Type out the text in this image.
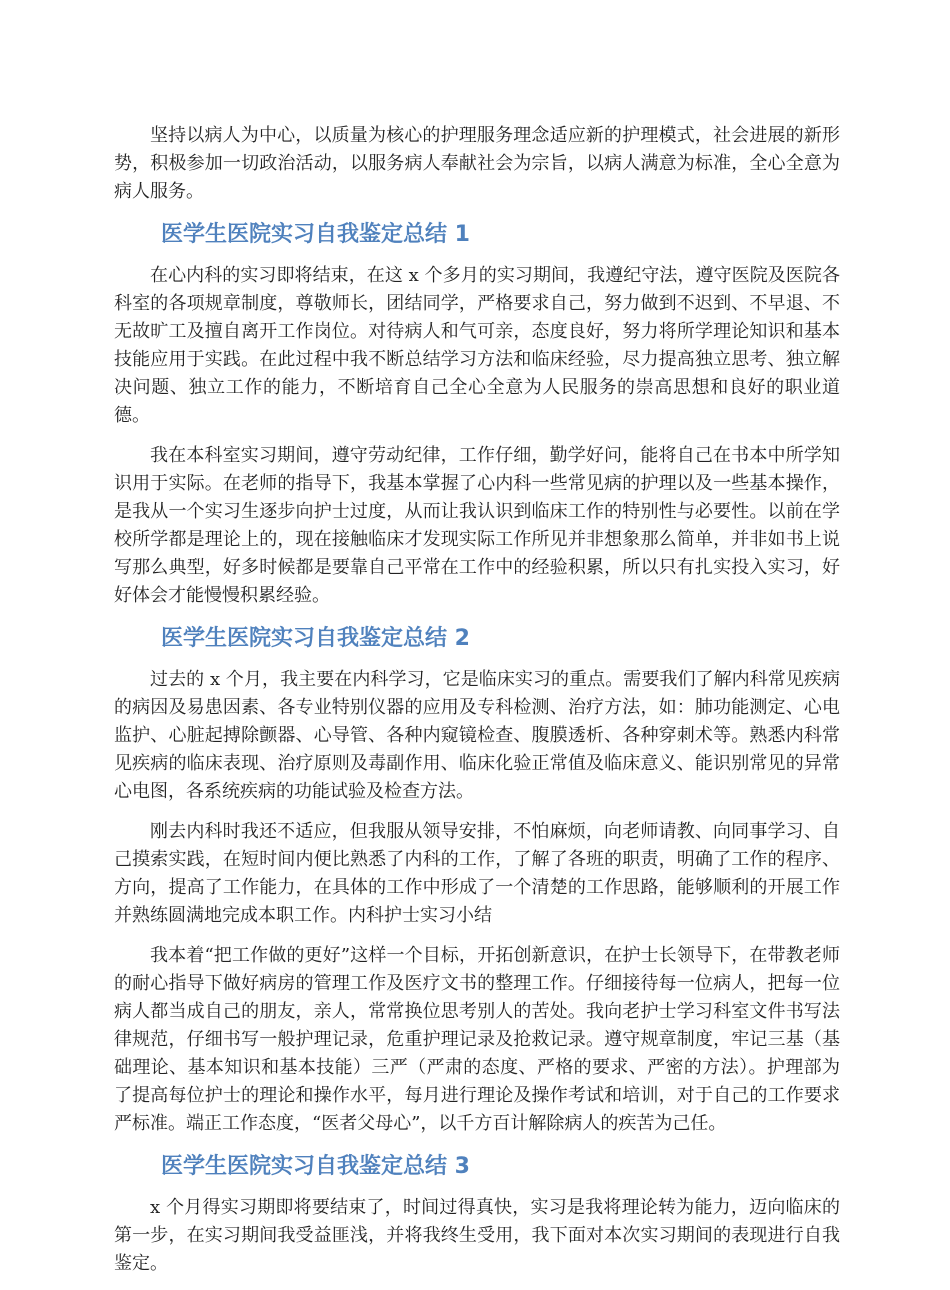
坚持以病人为中心，以质量为核心的护理服务理念适应新的护理模式，社会进展的新形势，积极参加一切政治活动，以服务病人奉献社会为宗旨，以病人满意为标准，全心全意为病人服务。

医学生医院实习自我鉴定总结 1

在心内科的实习即将结束，在这 x 个多月的实习期间，我遵纪守法，遵守医院及医院各科室的各项规章制度，尊敬师长，团结同学，严格要求自己，努力做到不迟到、不早退、不无故旷工及擅自离开工作岗位。对待病人和气可亲，态度良好，努力将所学理论知识和基本技能应用于实践。在此过程中我不断总结学习方法和临床经验，尽力提高独立思考、独立解决问题、独立工作的能力，不断培育自己全心全意为人民服务的崇高思想和良好的职业道德。

我在本科室实习期间，遵守劳动纪律，工作仔细，勤学好问，能将自己在书本中所学知识用于实际。在老师的指导下，我基本掌握了心内科一些常见病的护理以及一些基本操作，是我从一个实习生逐步向护士过度，从而让我认识到临床工作的特别性与必要性。以前在学校所学都是理论上的，现在接触临床才发现实际工作所见并非想象那么简单，并非如书上说写那么典型，好多时候都是要靠自己平常在工作中的经验积累，所以只有扎实投入实习，好好体会才能慢慢积累经验。

医学生医院实习自我鉴定总结 2

过去的 x 个月，我主要在内科学习，它是临床实习的重点。需要我们了解内科常见疾病的病因及易患因素、各专业特别仪器的应用及专科检测、治疗方法，如：肺功能测定、心电监护、心脏起搏除颤器、心导管、各种内窥镜检查、腹膜透析、各种穿刺术等。熟悉内科常见疾病的临床表现、治疗原则及毒副作用、临床化验正常值及临床意义、能识别常见的异常心电图，各系统疾病的功能试验及检查方法。

刚去内科时我还不适应，但我服从领导安排，不怕麻烦，向老师请教、向同事学习、自己摸索实践，在短时间内便比熟悉了内科的工作，了解了各班的职责，明确了工作的程序、方向，提高了工作能力，在具体的工作中形成了一个清楚的工作思路，能够顺利的开展工作并熟练圆满地完成本职工作。内科护士实习小结

我本着“把工作做的更好”这样一个目标，开拓创新意识，在护士长领导下，在带教老师的耐心指导下做好病房的管理工作及医疗文书的整理工作。仔细接待每一位病人，把每一位病人都当成自己的朋友，亲人，常常换位思考别人的苦处。我向老护士学习科室文件书写法律规范，仔细书写一般护理记录，危重护理记录及抢救记录。遵守规章制度，牢记三基（基础理论、基本知识和基本技能）三严（严肃的态度、严格的要求、严密的方法）。护理部为了提高每位护士的理论和操作水平，每月进行理论及操作考试和培训，对于自己的工作要求严标准。端正工作态度，“医者父母心”，以千方百计解除病人的疾苦为己任。

医学生医院实习自我鉴定总结 3

x 个月得实习期即将要结束了，时间过得真快，实习是我将理论转为能力，迈向临床的第一步，在实习期间我受益匪浅，并将我终生受用，我下面对本次实习期间的表现进行自我鉴定。
